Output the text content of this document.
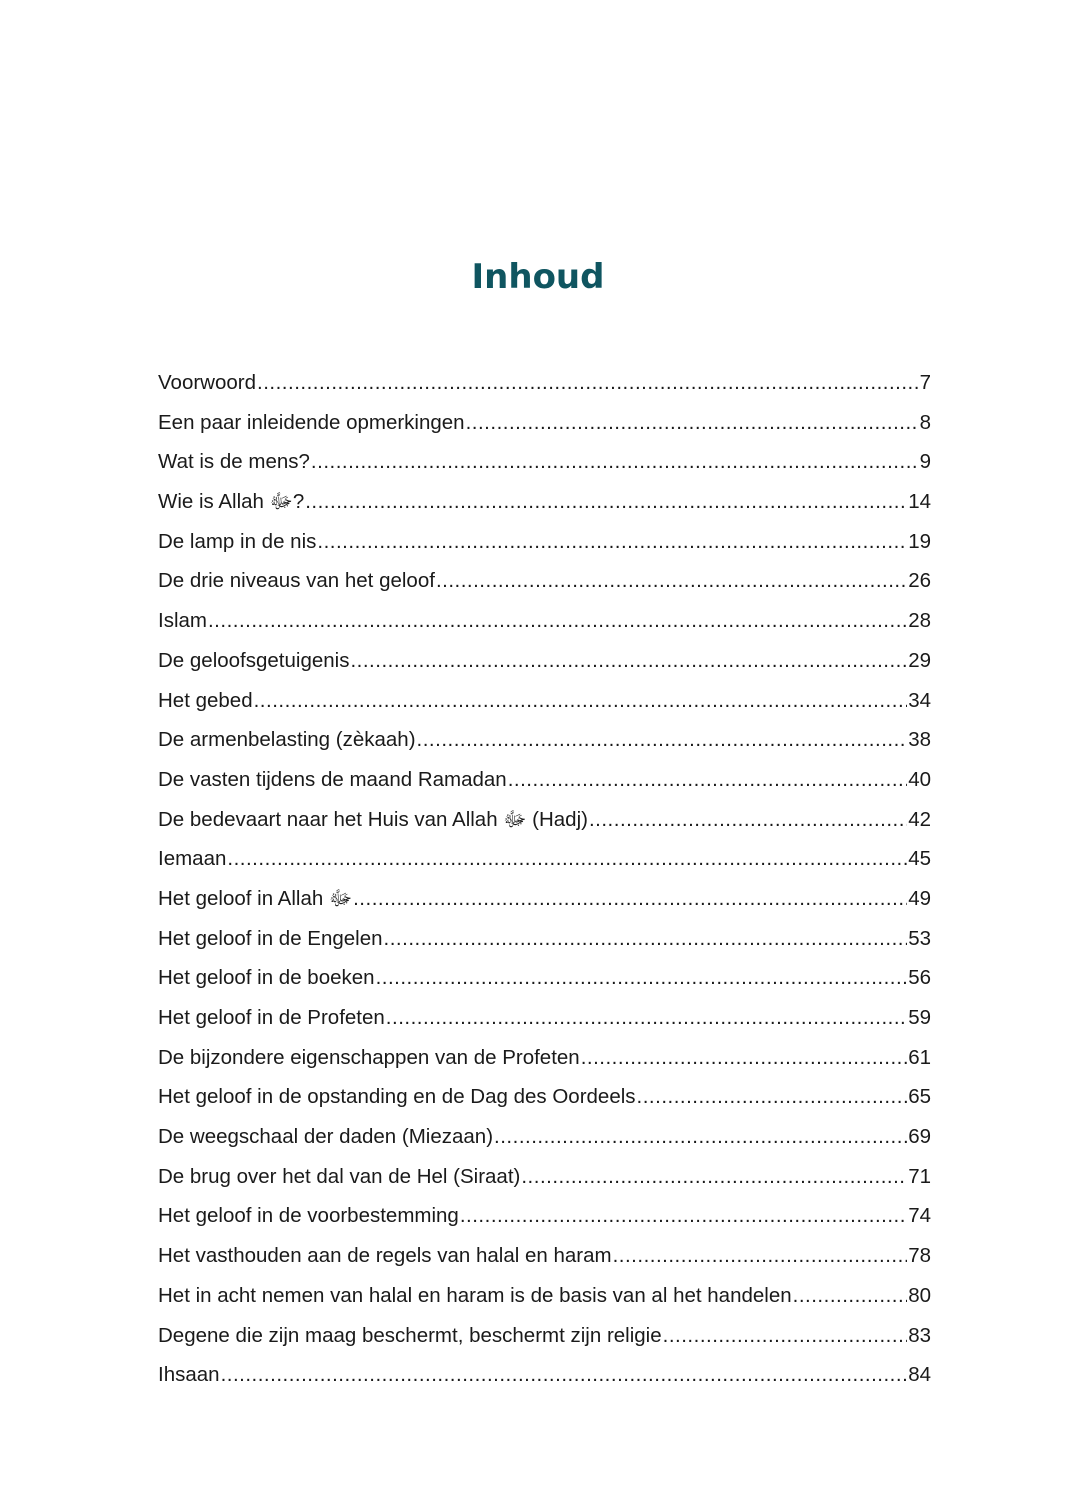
Inhoud
Voorwoord .....	7
Een paar inleidende opmerkingen .....	8
Wat is de mens? .....	9
Wie is Allah ﷻ? .....	14
De lamp in de nis .....	19
De drie niveaus van het geloof .....	26
Islam .....	28
De geloofsgetuigenis .....	29
Het gebed .....	34
De armenbelasting (zèkaah) .....	38
De vasten tijdens de maand Ramadan .....	40
De bedevaart naar het Huis van Allah ﷻ (Hadj) .....	42
Iemaan .....	45
Het geloof in Allah ﷻ .....	49
Het geloof in de Engelen .....	53
Het geloof in de boeken .....	56
Het geloof in de Profeten .....	59
De bijzondere eigenschappen van de Profeten .....	61
Het geloof in de opstanding en de Dag des Oordeels .....	65
De weegschaal der daden (Miezaan) .....	69
De brug over het dal van de Hel (Siraat) .....	71
Het geloof in de voorbestemming .....	74
Het vasthouden aan de regels van halal en haram .....	78
Het in acht nemen van halal en haram is de basis van al het handelen .....	80
Degene die zijn maag beschermt, beschermt zijn religie .....	83
Ihsaan .....	84
